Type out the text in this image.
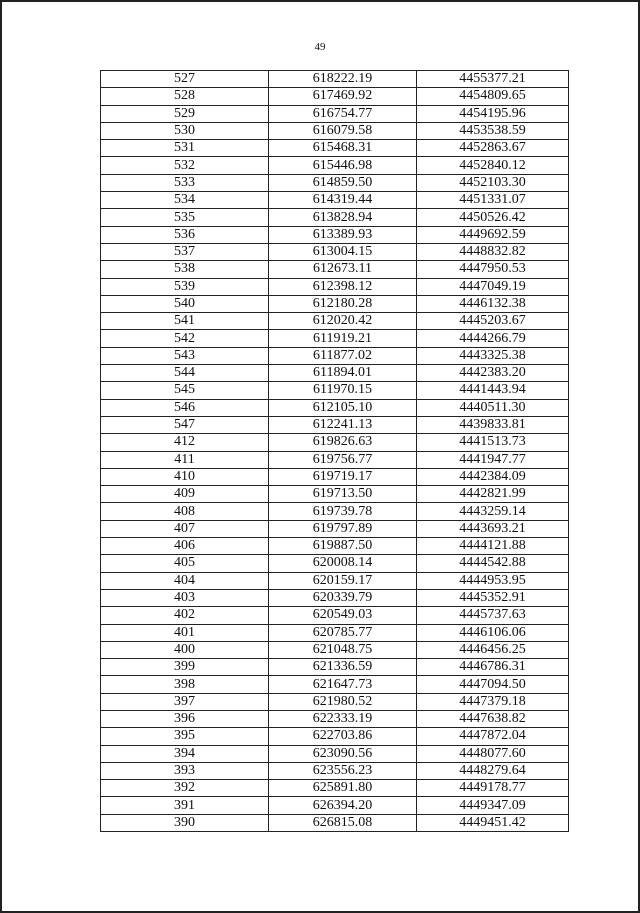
49
527	618222.19	4455377.21
528	617469.92	4454809.65
529	616754.77	4454195.96
530	616079.58	4453538.59
531	615468.31	4452863.67
532	615446.98	4452840.12
533	614859.50	4452103.30
534	614319.44	4451331.07
535	613828.94	4450526.42
536	613389.93	4449692.59
537	613004.15	4448832.82
538	612673.11	4447950.53
539	612398.12	4447049.19
540	612180.28	4446132.38
541	612020.42	4445203.67
542	611919.21	4444266.79
543	611877.02	4443325.38
544	611894.01	4442383.20
545	611970.15	4441443.94
546	612105.10	4440511.30
547	612241.13	4439833.81
412	619826.63	4441513.73
411	619756.77	4441947.77
410	619719.17	4442384.09
409	619713.50	4442821.99
408	619739.78	4443259.14
407	619797.89	4443693.21
406	619887.50	4444121.88
405	620008.14	4444542.88
404	620159.17	4444953.95
403	620339.79	4445352.91
402	620549.03	4445737.63
401	620785.77	4446106.06
400	621048.75	4446456.25
399	621336.59	4446786.31
398	621647.73	4447094.50
397	621980.52	4447379.18
396	622333.19	4447638.82
395	622703.86	4447872.04
394	623090.56	4448077.60
393	623556.23	4448279.64
392	625891.80	4449178.77
391	626394.20	4449347.09
390	626815.08	4449451.42
